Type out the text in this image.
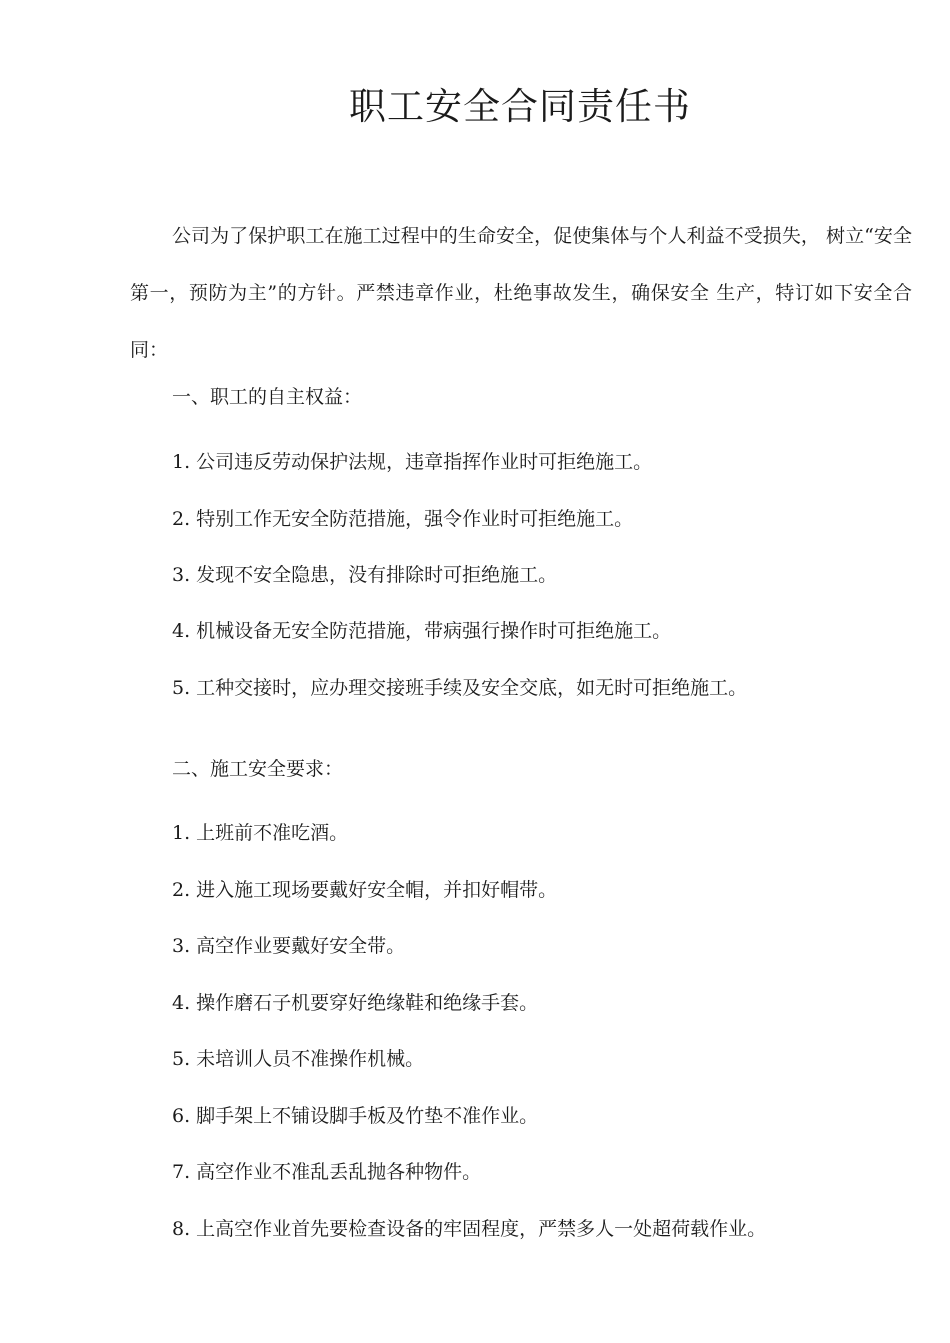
职工安全合同责任书

公司为了保护职工在施工过程中的生命安全，促使集体与个人利益不受损失， 树立“安全第一，预防为主”的方针。严禁违章作业，杜绝事故发生，确保安全 生产，特订如下安全合同：

一、职工的自主权益：
1. 公司违反劳动保护法规，违章指挥作业时可拒绝施工。
2. 特别工作无安全防范措施，强令作业时可拒绝施工。
3. 发现不安全隐患，没有排除时可拒绝施工。
4. 机械设备无安全防范措施，带病强行操作时可拒绝施工。
5. 工种交接时，应办理交接班手续及安全交底，如无时可拒绝施工。
二、施工安全要求：
1. 上班前不准吃酒。
2. 进入施工现场要戴好安全帽，并扣好帽带。
3. 高空作业要戴好安全带。
4. 操作磨石子机要穿好绝缘鞋和绝缘手套。
5. 未培训人员不准操作机械。
6. 脚手架上不铺设脚手板及竹垫不准作业。
7. 高空作业不准乱丢乱抛各种物件。
8. 上高空作业首先要检查设备的牢固程度，严禁多人一处超荷载作业。
